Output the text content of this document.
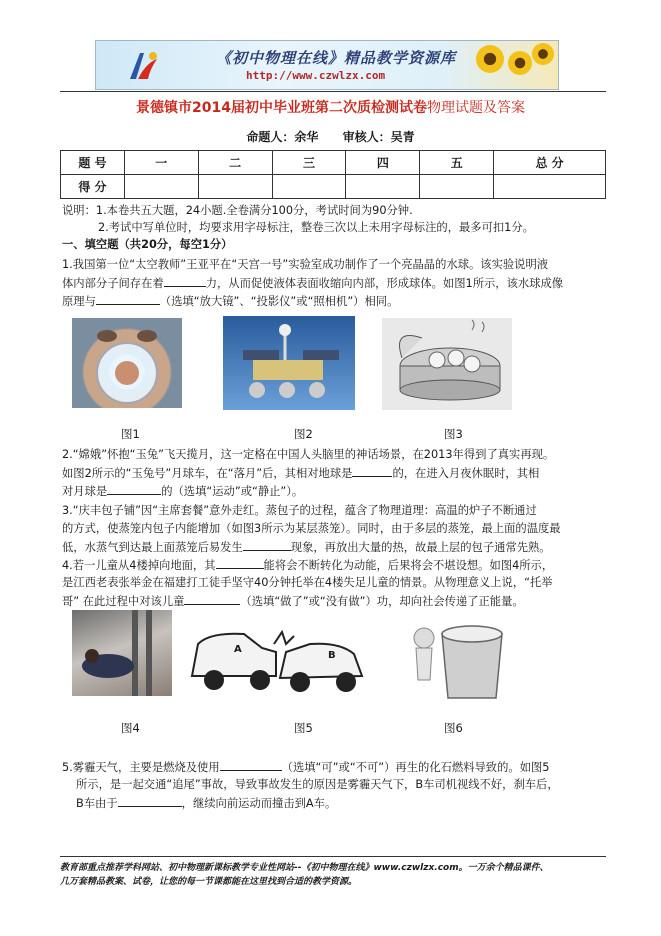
《初中物理在线》精品教学资源库
http://www.czwlzx.com
景德镇市2014届初中毕业班第二次质检测试卷物理试题及答案
命题人：余华 审核人：吴青
题 号	一	二	三	四	五	总 分
得 分						
说明：1.本卷共五大题，24小题.全卷满分100分，考试时间为90分钟.
2.考试中写单位时，均要求用字母标注，整卷三次以上未用字母标注的，最多可扣1分。
一、填空题（共20分，每空1分）
1.我国第一位“太空教师”王亚平在“天宫一号”实验室成功制作了一个亮晶晶的水球。该实验说明液
体内部分子间存在着	力，从而促使液体表面收缩向内部，形成球体。如图1所示，该水球成像
原理与	（选填“放大镜”、“投影仪”或“照相机”）相同。
图1	图2	图3
2.“嫦娥”怀抱“玉兔”飞天揽月，这一定格在中国人头脑里的神话场景，在2013年得到了真实再现。
如图2所示的“玉兔号”月球车，在“落月”后，其相对地球是	的，在进入月夜休眠时，其相
对月球是	的（选填“运动”或“静止”）。
3.“庆丰包子铺”因“主席套餐”意外走红。蒸包子的过程，蕴含了物理道理：高温的炉子不断通过
的方式，使蒸笼内包子内能增加（如图3所示为某层蒸笼）。同时，由于多层的蒸笼，最上面的温度最
低，水蒸气到达最上面蒸笼后易发生	现象，再放出大量的热，故最上层的包子通常先熟。
4.若一儿童从4楼掉向地面，其	能将会不断转化为动能，后果将会不堪设想。如图4所示，
是江西老表张举金在福建打工徒手坚守40分钟托举在4楼失足儿童的情景。从物理意义上说，“托举
哥” 在此过程中对该儿童	（选填“做了”或“没有做”）功，却向社会传递了正能量。
A
B
图4	图5	图6
5.雾霾天气，主要是燃烧及使用	（选填“可”或“不可”）再生的化石燃料导致的。如图5
所示，是一起交通“追尾”事故，导致事故发生的原因是雾霾天气下，B车司机视线不好，刹车后，
B车由于	，继续向前运动而撞击到A车。
教育部重点推荐学科网站、初中物理新课标教学专业性网站--《初中物理在线》www.czwlzx.com。一万余个精品课件、
几万套精品教案、试卷，让您的每一节课都能在这里找到合适的教学资源。
